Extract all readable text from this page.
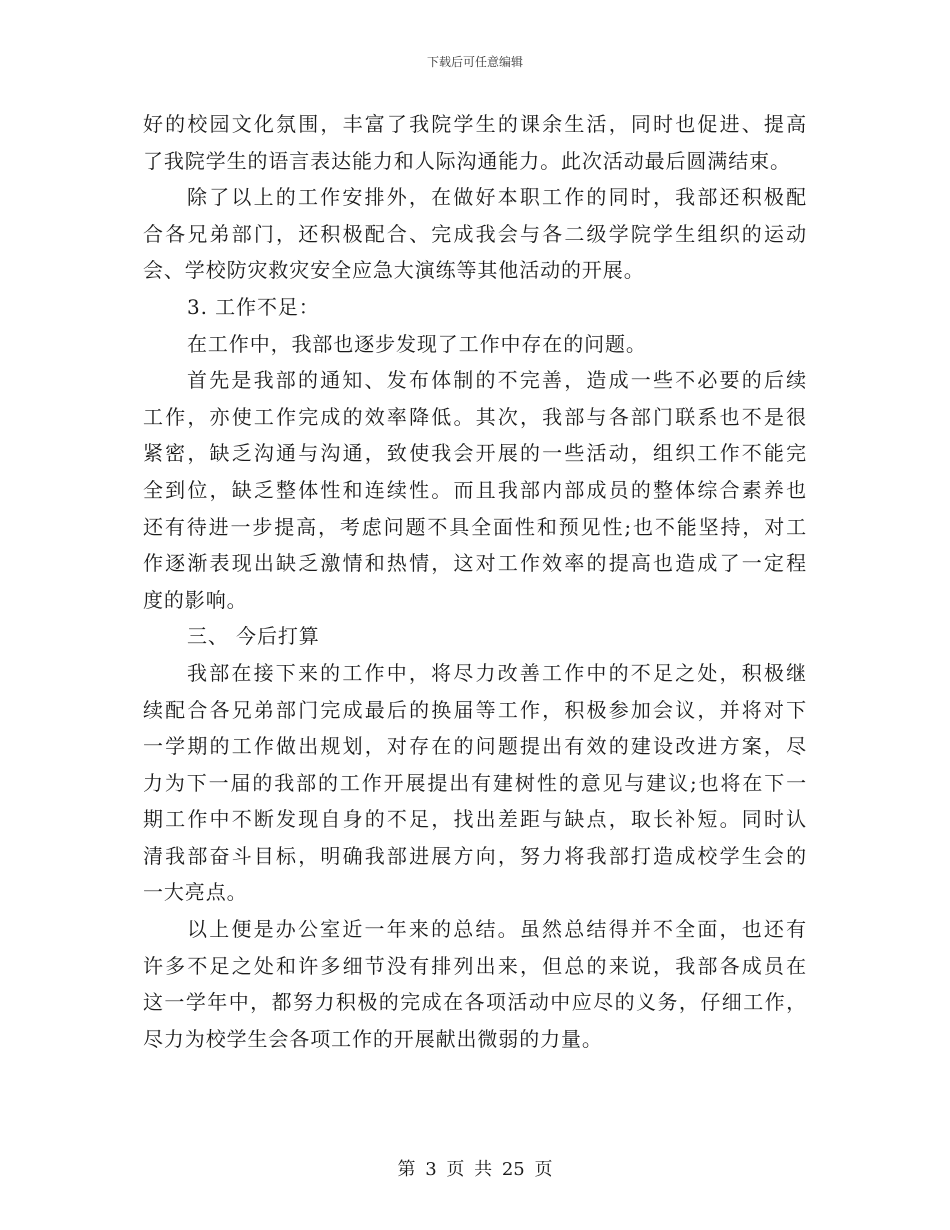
下载后可任意编辑
好的校园文化氛围，丰富了我院学生的课余生活，同时也促进、提高
了我院学生的语言表达能力和人际沟通能力。此次活动最后圆满结束。
除了以上的工作安排外，在做好本职工作的同时，我部还积极配
合各兄弟部门，还积极配合、完成我会与各二级学院学生组织的运动
会、学校防灾救灾安全应急大演练等其他活动的开展。
3. 工作不足：
在工作中，我部也逐步发现了工作中存在的问题。
首先是我部的通知、发布体制的不完善，造成一些不必要的后续
工作，亦使工作完成的效率降低。其次，我部与各部门联系也不是很
紧密，缺乏沟通与沟通，致使我会开展的一些活动，组织工作不能完
全到位，缺乏整体性和连续性。而且我部内部成员的整体综合素养也
还有待进一步提高，考虑问题不具全面性和预见性;也不能坚持，对工
作逐渐表现出缺乏激情和热情，这对工作效率的提高也造成了一定程
度的影响。
三、 今后打算
我部在接下来的工作中，将尽力改善工作中的不足之处，积极继
续配合各兄弟部门完成最后的换届等工作，积极参加会议，并将对下
一学期的工作做出规划，对存在的问题提出有效的建设改进方案，尽
力为下一届的我部的工作开展提出有建树性的意见与建议;也将在下一
期工作中不断发现自身的不足，找出差距与缺点，取长补短。同时认
清我部奋斗目标，明确我部进展方向，努力将我部打造成校学生会的
一大亮点。
以上便是办公室近一年来的总结。虽然总结得并不全面，也还有
许多不足之处和许多细节没有排列出来，但总的来说，我部各成员在
这一学年中，都努力积极的完成在各项活动中应尽的义务，仔细工作，
尽力为校学生会各项工作的开展献出微弱的力量。
第 3 页 共 25 页
